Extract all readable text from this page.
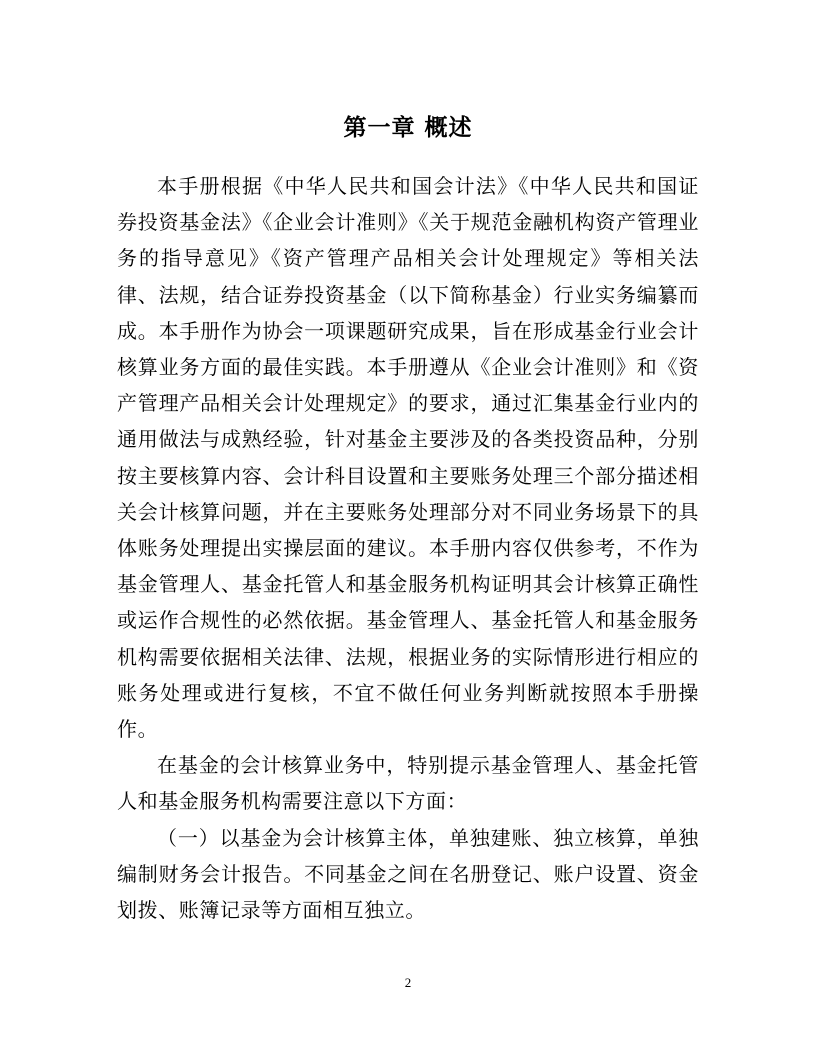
第一章 概述

本手册根据《中华人民共和国会计法》《中华人民共和国证券投资基金法》《企业会计准则》《关于规范金融机构资产管理业务的指导意见》《资产管理产品相关会计处理规定》等相关法律、法规，结合证券投资基金（以下简称基金）行业实务编纂而成。本手册作为协会一项课题研究成果，旨在形成基金行业会计核算业务方面的最佳实践。本手册遵从《企业会计准则》和《资产管理产品相关会计处理规定》的要求，通过汇集基金行业内的通用做法与成熟经验，针对基金主要涉及的各类投资品种，分别按主要核算内容、会计科目设置和主要账务处理三个部分描述相关会计核算问题，并在主要账务处理部分对不同业务场景下的具体账务处理提出实操层面的建议。本手册内容仅供参考，不作为基金管理人、基金托管人和基金服务机构证明其会计核算正确性或运作合规性的必然依据。基金管理人、基金托管人和基金服务机构需要依据相关法律、法规，根据业务的实际情形进行相应的账务处理或进行复核，不宜不做任何业务判断就按照本手册操作。

在基金的会计核算业务中，特别提示基金管理人、基金托管人和基金服务机构需要注意以下方面：

（一）以基金为会计核算主体，单独建账、独立核算，单独编制财务会计报告。不同基金之间在名册登记、账户设置、资金划拨、账簿记录等方面相互独立。

2
